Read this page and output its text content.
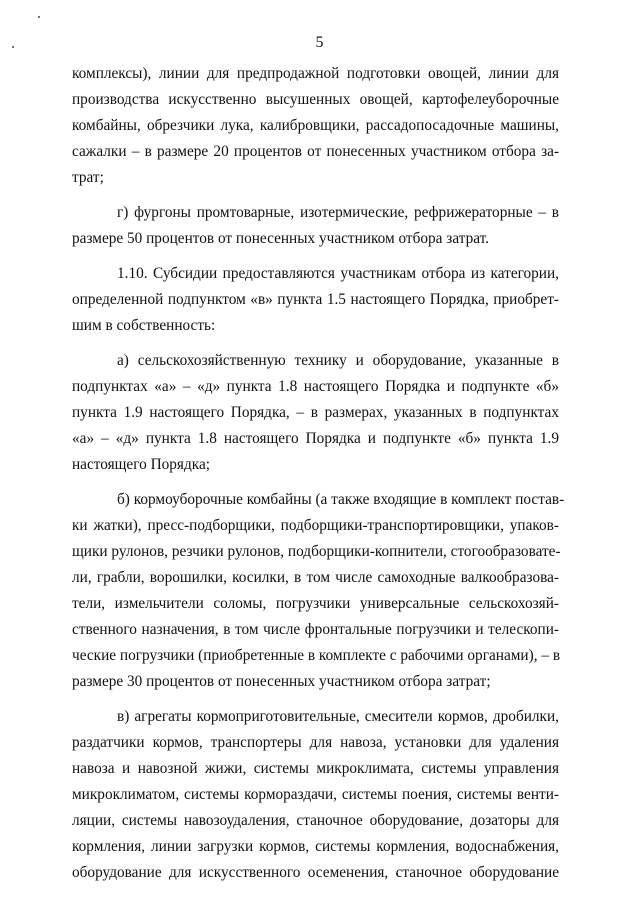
5
комплексы), линии для предпродажной подготовки овощей, линии для
производства искусственно высушенных овощей, картофелеуборочные
комбайны, обрезчики лука, калибровщики, рассадопосадочные машины,
сажалки – в размере 20 процентов от понесенных участником отбора за-
трат;
г) фургоны промтоварные, изотермические, рефрижераторные – в
размере 50 процентов от понесенных участником отбора затрат.
1.10. Субсидии предоставляются участникам отбора из категории,
определенной подпунктом «в» пункта 1.5 настоящего Порядка, приобрет-
шим в собственность:
а) сельскохозяйственную технику и оборудование, указанные в
подпунктах «а» – «д» пункта 1.8 настоящего Порядка и подпункте «б»
пункта 1.9 настоящего Порядка, – в размерах, указанных в подпунктах
«а» – «д» пункта 1.8 настоящего Порядка и подпункте «б» пункта 1.9
настоящего Порядка;
б) кормоуборочные комбайны (а также входящие в комплект постав-
ки жатки), пресс-подборщики, подборщики-транспортировщики, упаков-
щики рулонов, резчики рулонов, подборщики-копнители, стогообразовате-
ли, грабли, ворошилки, косилки, в том числе самоходные валкообразова-
тели, измельчители соломы, погрузчики универсальные сельскохозяй-
ственного назначения, в том числе фронтальные погрузчики и телескопи-
ческие погрузчики (приобретенные в комплекте с рабочими органами), – в
размере 30 процентов от понесенных участником отбора затрат;
в) агрегаты кормоприготовительные, смесители кормов, дробилки,
раздатчики кормов, транспортеры для навоза, установки для удаления
навоза и навозной жижи, системы микроклимата, системы управления
микроклиматом, системы кормораздачи, системы поения, системы венти-
ляции, системы навозоудаления, станочное оборудование, дозаторы для
кормления, линии загрузки кормов, системы кормления, водоснабжения,
оборудование для искусственного осеменения, станочное оборудование
